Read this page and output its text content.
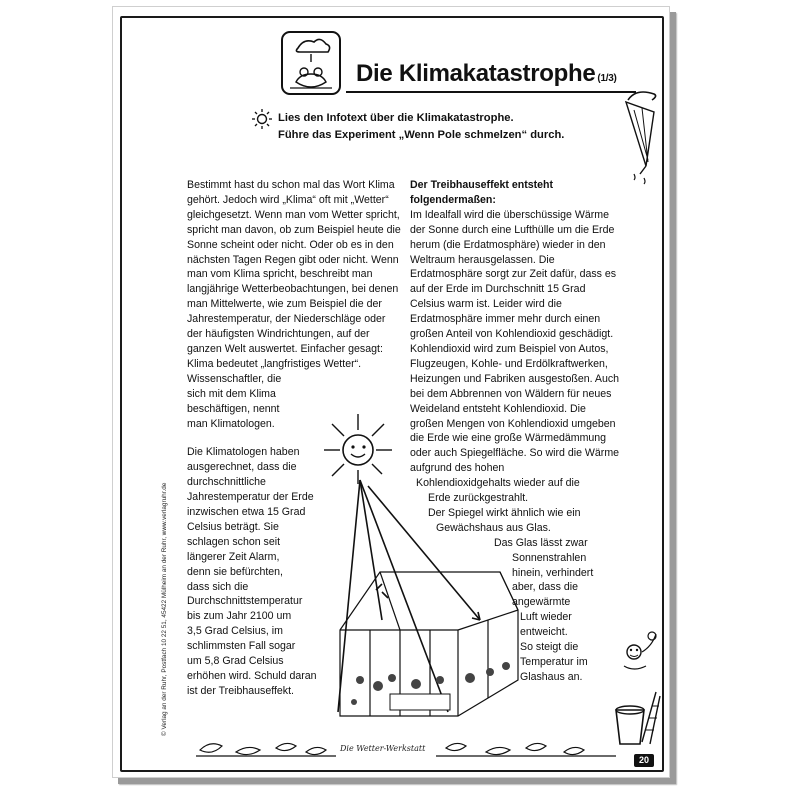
Die Klimakatastrophe (1/3)
Lies den Infotext über die Klimakatastrophe.
Führe das Experiment „Wenn Pole schmelzen“ durch.

Bestimmt hast du schon mal das Wort Klima gehört. Jedoch wird „Klima“ oft mit „Wetter“ gleichgesetzt. Wenn man vom Wetter spricht, spricht man davon, ob zum Beispiel heute die Sonne scheint oder nicht. Oder ob es in den nächsten Tagen Regen gibt oder nicht. Wenn man vom Klima spricht, beschreibt man langjährige Wetterbeobachtungen, bei denen man Mittelwerte, wie zum Beispiel die der Jahrestemperatur, der Niederschläge oder der häufigsten Windrichtungen, auf der ganzen Welt auswertet. Einfacher gesagt: Klima bedeutet „langfristiges Wetter“.

Wissenschaftler, die
sich mit dem Klima
beschäftigen, nennt
man Klimatologen.
Die Klimatologen haben
ausgerechnet, dass die
durchschnittliche
Jahrestemperatur der Erde
inzwischen etwa 15 Grad
Celsius beträgt. Sie
schlagen schon seit
längerer Zeit Alarm,
denn sie befürchten,
dass sich die
Durchschnittstemperatur
bis zum Jahr 2100 um
3,5 Grad Celsius, im
schlimmsten Fall sogar
um 5,8 Grad Celsius
erhöhen wird. Schuld daran
ist der Treibhauseffekt.

Der Treibhauseffekt entsteht folgendermaßen:

Im Idealfall wird die überschüssige Wärme der Sonne durch eine Lufthülle um die Erde herum (die Erdatmosphäre) wieder in den Weltraum herausgelassen. Die Erdatmosphäre sorgt zur Zeit dafür, dass es auf der Erde im Durchschnitt 15 Grad Celsius warm ist. Leider wird die Erdatmosphäre immer mehr durch einen großen Anteil von Kohlendioxid geschädigt. Kohlendioxid wird zum Beispiel von Autos, Flugzeugen, Kohle- und Erdölkraftwerken, Heizungen und Fabriken ausgestoßen. Auch bei dem Abbrennen von Wäldern für neues Weideland entsteht Kohlendioxid. Die großen Mengen von Kohlendioxid umgeben die Erde wie eine große Wärmedämmung oder auch Spiegelfläche. So wird die Wärme aufgrund des hohen

Kohlendioxidgehalts wieder auf die
Erde zurückgestrahlt.
Der Spiegel wirkt ähnlich wie ein
Gewächshaus aus Glas.
Das Glas lässt zwar
Sonnenstrahlen
hinein, verhindert
aber, dass die
angewärmte
Luft wieder
entweicht.
So steigt die
Temperatur im
Glashaus an.
© Verlag an der Ruhr, Postfach 10 22 51, 45422 Mülheim an der Ruhr, www.verlagruhr.de
Die Wetter-Werkstatt
20
